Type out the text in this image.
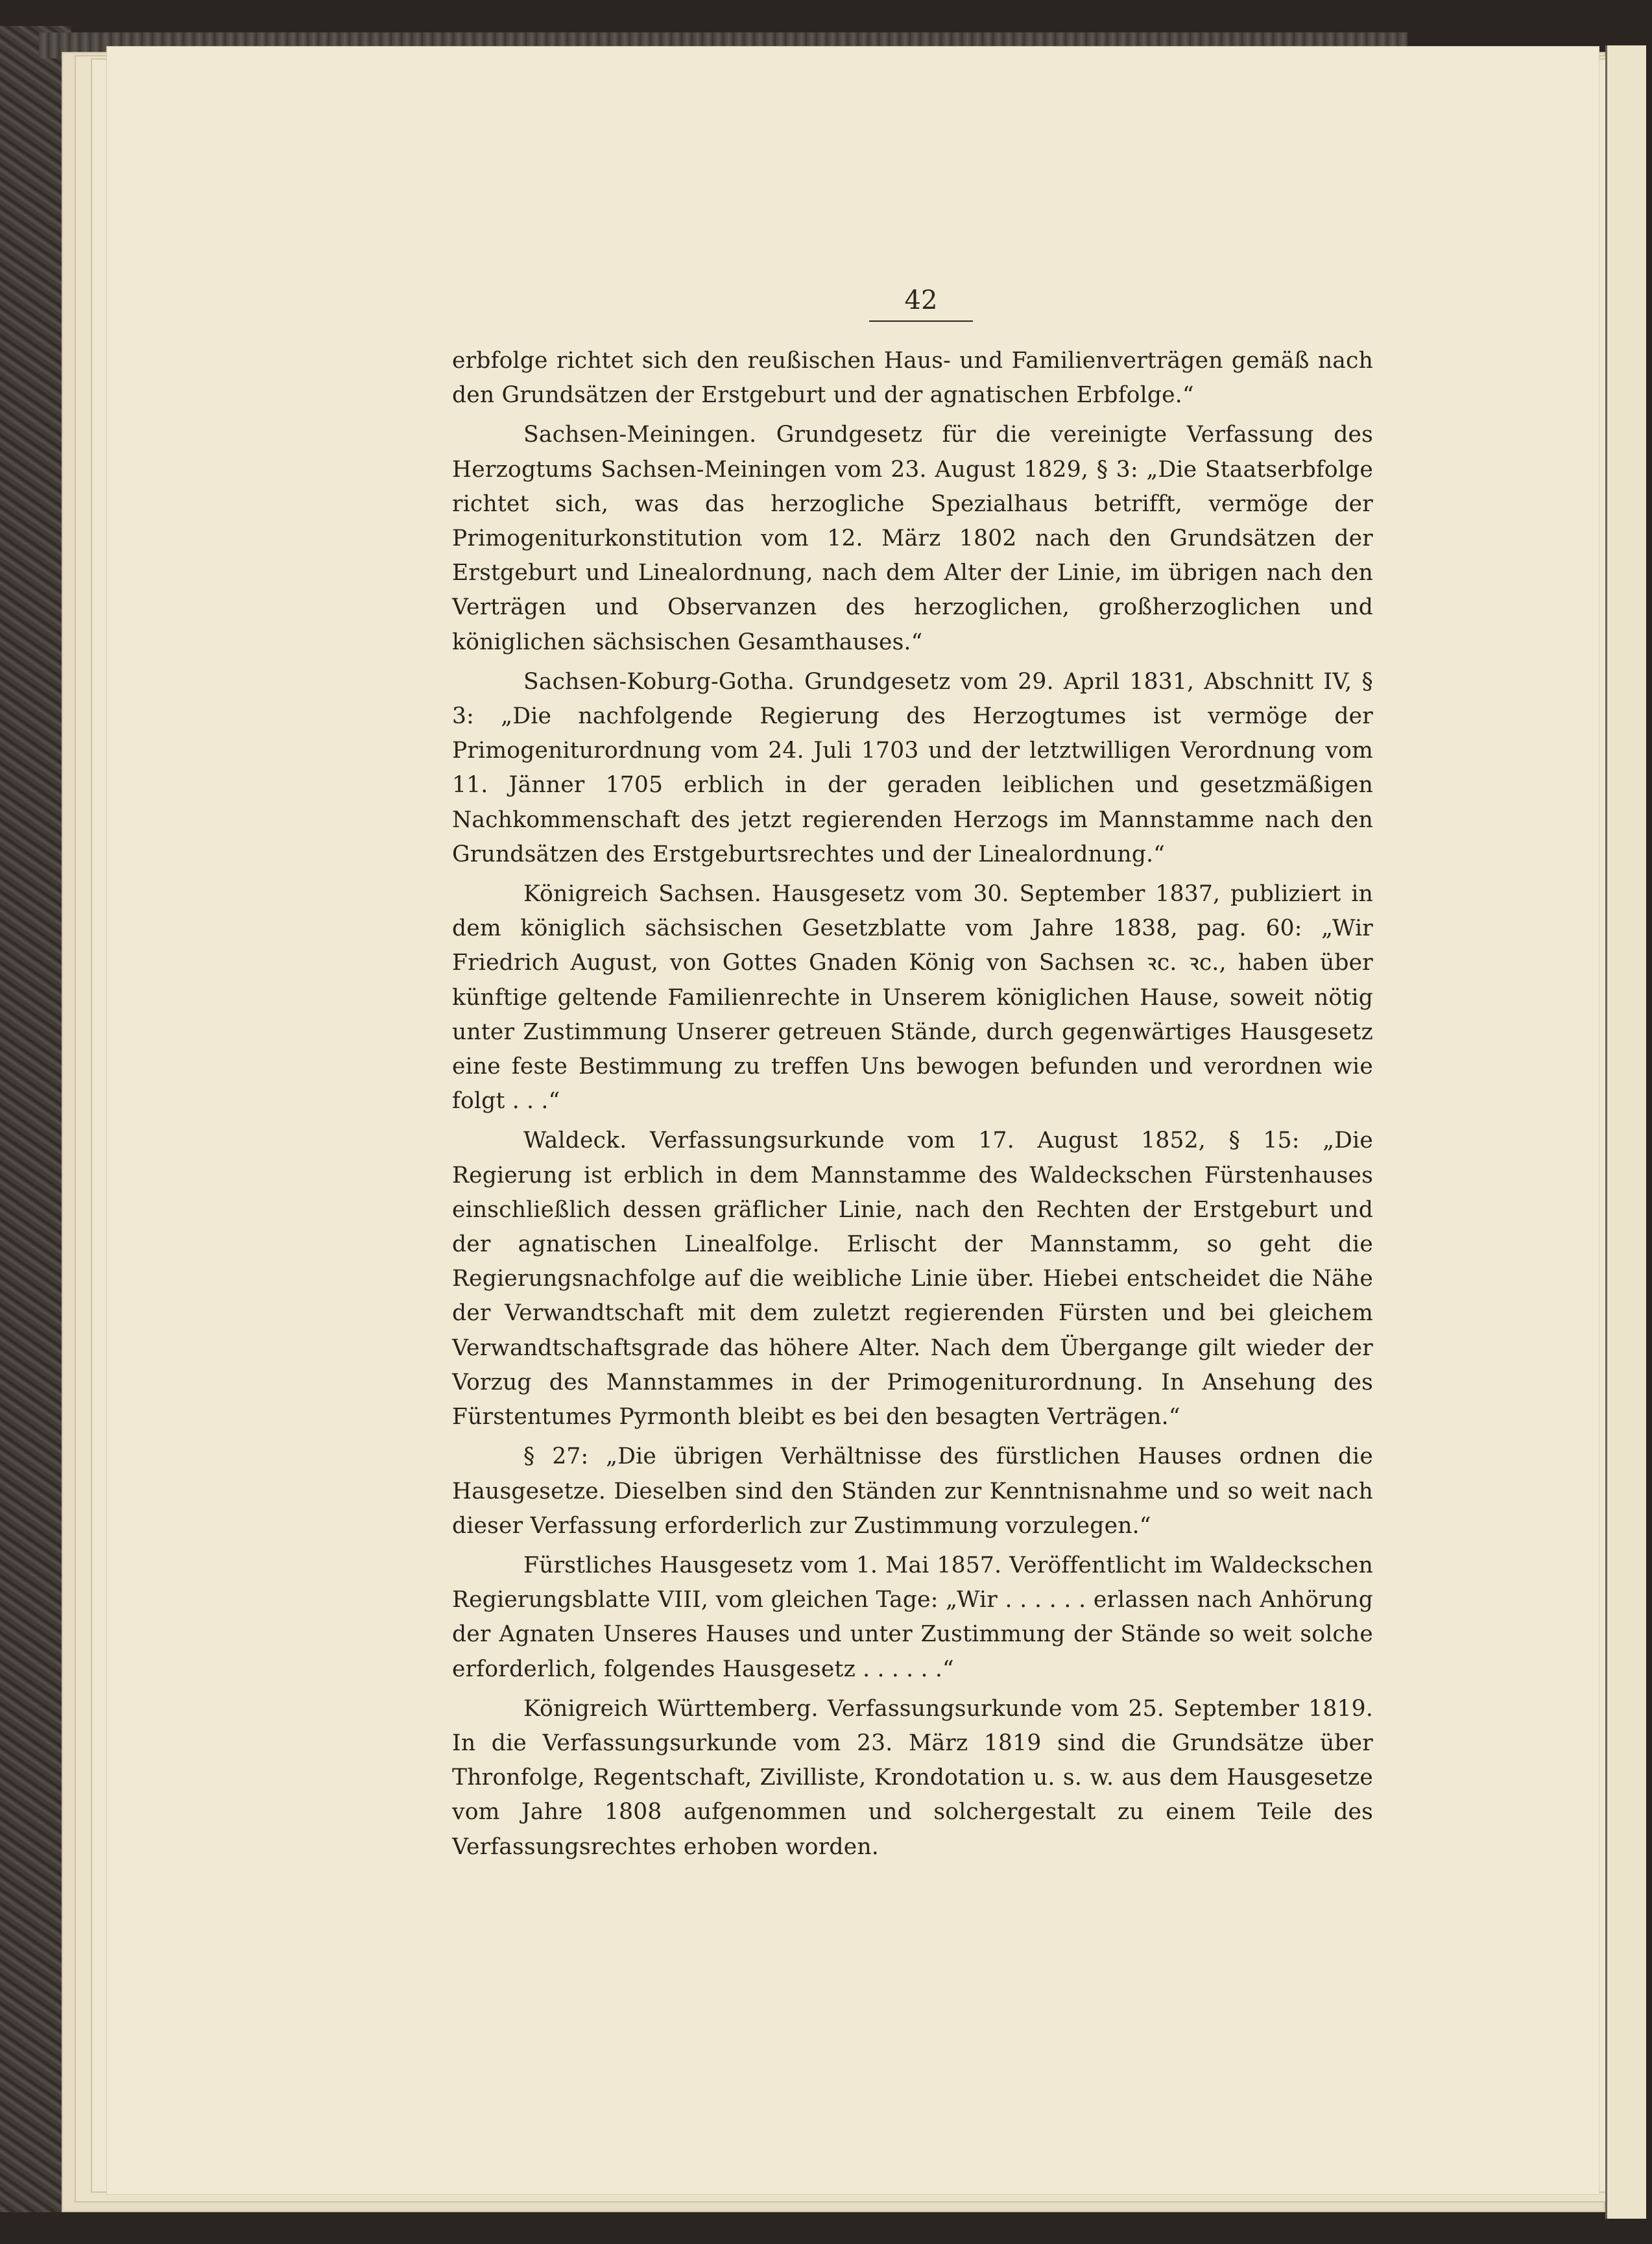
42

erbfolge richtet sich den reußischen Haus- und Familienverträgen gemäß nach den Grundsätzen der Erstgeburt und der agnatischen Erbfolge.“

Sachsen-Meiningen. Grundgesetz für die vereinigte Verfassung des Herzogtums Sachsen-Meiningen vom 23. August 1829, § 3: „Die Staatserbfolge richtet sich, was das herzogliche Spezialhaus betrifft, vermöge der Primogeniturkonstitution vom 12. März 1802 nach den Grundsätzen der Erstgeburt und Linealordnung, nach dem Alter der Linie, im übrigen nach den Verträgen und Observanzen des herzoglichen, großherzoglichen und königlichen sächsischen Gesamthauses.“

Sachsen-Koburg-Gotha. Grundgesetz vom 29. April 1831, Abschnitt IV, § 3: „Die nachfolgende Regierung des Herzogtumes ist vermöge der Primogeniturordnung vom 24. Juli 1703 und der letztwilligen Verordnung vom 11. Jänner 1705 erblich in der geraden leiblichen und gesetzmäßigen Nachkommenschaft des jetzt regierenden Herzogs im Mannstamme nach den Grundsätzen des Erstgeburtsrechtes und der Linealordnung.“

Königreich Sachsen. Hausgesetz vom 30. September 1837, publiziert in dem königlich sächsischen Gesetzblatte vom Jahre 1838, pag. 60: „Wir Friedrich August, von Gottes Gnaden König von Sachsen ꝛc. ꝛc., haben über künftige geltende Familienrechte in Unserem königlichen Hause, soweit nötig unter Zustimmung Unserer getreuen Stände, durch gegenwärtiges Hausgesetz eine feste Bestimmung zu treffen Uns bewogen befunden und verordnen wie folgt . . .“

Waldeck. Verfassungsurkunde vom 17. August 1852, § 15: „Die Regierung ist erblich in dem Mannstamme des Waldeckschen Fürstenhauses einschließlich dessen gräflicher Linie, nach den Rechten der Erstgeburt und der agnatischen Linealfolge. Erlischt der Mannstamm, so geht die Regierungsnachfolge auf die weibliche Linie über. Hiebei entscheidet die Nähe der Verwandtschaft mit dem zuletzt regierenden Fürsten und bei gleichem Verwandtschaftsgrade das höhere Alter. Nach dem Übergange gilt wieder der Vorzug des Mannstammes in der Primogeniturordnung. In Ansehung des Fürstentumes Pyrmonth bleibt es bei den besagten Verträgen.“

§ 27: „Die übrigen Verhältnisse des fürstlichen Hauses ordnen die Hausgesetze. Dieselben sind den Ständen zur Kenntnisnahme und so weit nach dieser Verfassung erforderlich zur Zustimmung vorzulegen.“

Fürstliches Hausgesetz vom 1. Mai 1857. Veröffentlicht im Waldeckschen Regierungsblatte VIII, vom gleichen Tage: „Wir . . . . . . erlassen nach Anhörung der Agnaten Unseres Hauses und unter Zustimmung der Stände so weit solche erforderlich, folgendes Hausgesetz . . . . . .“

Königreich Württemberg. Verfassungsurkunde vom 25. September 1819. In die Verfassungsurkunde vom 23. März 1819 sind die Grundsätze über Thronfolge, Regentschaft, Zivilliste, Krondotation u. s. w. aus dem Hausgesetze vom Jahre 1808 aufgenommen und solchergestalt zu einem Teile des Verfassungsrechtes erhoben worden.
